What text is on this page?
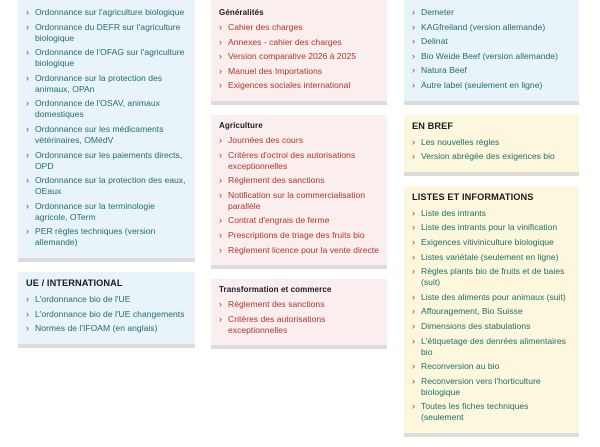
› Ordonnance sur l'agriculture biologique
› Ordonnance du DEFR sur l'agriculture biologique
› Ordonnance de l'OFAG sur l'agriculture biologique
› Ordonnance sur la protection des animaux, OPAn
› Ordonnance de l'OSAV, animaux domestiques
› Ordonnance sur les médicaments vétérinaires, OMédV
› Ordonnance sur les paiements directs, OPD
› Ordonnance sur la protection des eaux, OEaux
› Ordonnance sur la terminologie agricole, OTerm
› PER règles techniques (version allemande)
UE / INTERNATIONAL
› L'ordonnance bio de l'UE
› L'ordonnance bio de l'UE changements
› Normes de l'IFOAM (en anglais)
Généralités
› Cahier des charges
› Annexes - cahier des charges
› Version comparative 2026 à 2025
› Manuel des Importations
› Exigences sociales international
Agriculture
› Journées des cours
› Critères d'octroi des autorisations exceptionnelles
› Règlement des sanctions
› Notification sur la commercialisation parallèle
› Contrat d'engrais de ferme
› Prescriptions de triage des fruits bio
› Règlement licence pour la vente directe
Transformation et commerce
› Règlement des sanctions
› Critères des autorisations exceptionnelles
› Demeter
› KAGfreiland (version allemande)
› Delinat
› Bio Weide Beef (version allemande)
› Natura Beef
› Autre label (seulement en ligne)
EN BREF
› Les nouvelles règles
› Version abrégée des exigences bio
LISTES ET INFORMATIONS
› Liste des intrants
› Liste des intrants pour la vinification
› Exigences vitiviniculture biologique
› Listes variétale (seulement en ligne)
› Règles plants bio de fruits et de baies (suit)
› Liste des aliments pour animaux (suit)
› Affouragement, Bio Suisse
› Dimensions des stabulations
› L'étiquetage des denrées alimentaires bio
› Reconversion au bio
› Reconversion vers l'horticulture biologique
› Toutes les fiches techniques (seulement
